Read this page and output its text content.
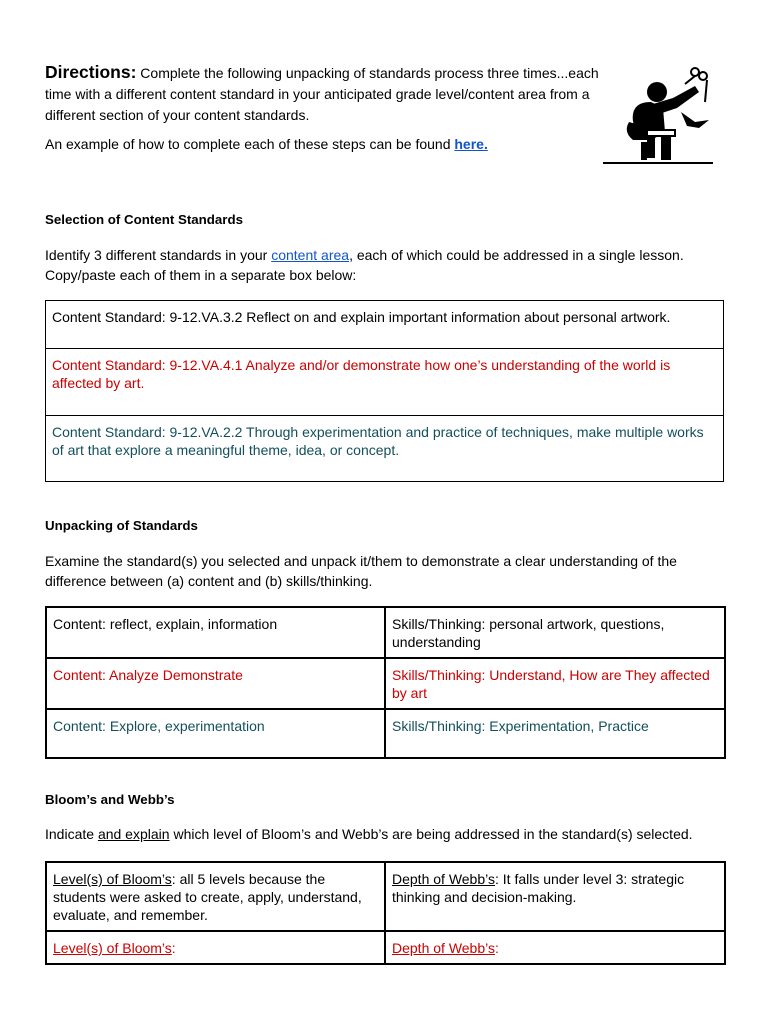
Directions: Complete the following unpacking of standards process three times...each time with a different content standard in your anticipated grade level/content area from a different section of your content standards.
An example of how to complete each of these steps can be found here.
Selection of Content Standards
Identify 3 different standards in your content area, each of which could be addressed in a single lesson. Copy/paste each of them in a separate box below:
Content Standard: 9-12.VA.3.2 Reflect on and explain important information about personal artwork.
Content Standard: 9-12.VA.4.1 Analyze and/or demonstrate how one’s understanding of the world is affected by art.
Content Standard: 9-12.VA.2.2 Through experimentation and practice of techniques, make multiple works of art that explore a meaningful theme, idea, or concept.
Unpacking of Standards
Examine the standard(s) you selected and unpack it/them to demonstrate a clear understanding of the difference between (a) content and (b) skills/thinking.
Content: reflect, explain, information	Skills/Thinking: personal artwork, questions, understanding
Content: Analyze Demonstrate	Skills/Thinking: Understand, How are They affected by art
Content: Explore, experimentation	Skills/Thinking: Experimentation, Practice
Bloom’s and Webb’s
Indicate and explain which level of Bloom’s and Webb’s are being addressed in the standard(s) selected.
Level(s) of Bloom’s: all 5 levels because the students were asked to create, apply, understand, evaluate, and remember.	Depth of Webb’s: It falls under level 3: strategic thinking and decision-making.
Level(s) of Bloom’s:	Depth of Webb’s:
